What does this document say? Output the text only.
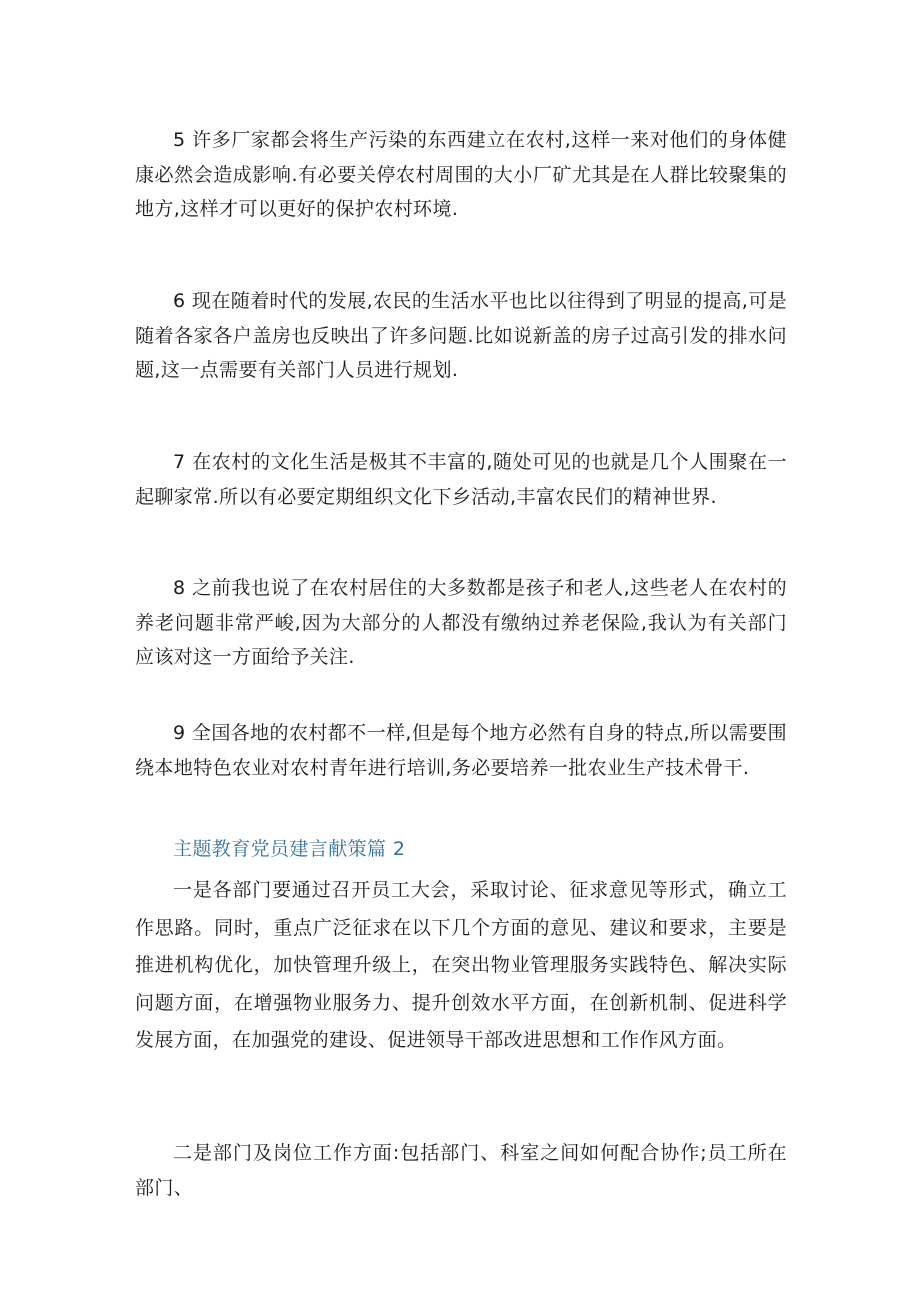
5 许多厂家都会将生产污染的东西建立在农村,这样一来对他们的身体健康必然会造成影响.有必要关停农村周围的大小厂矿尤其是在人群比较聚集的地方,这样才可以更好的保护农村环境.

6 现在随着时代的发展,农民的生活水平也比以往得到了明显的提高,可是随着各家各户盖房也反映出了许多问题.比如说新盖的房子过高引发的排水问题,这一点需要有关部门人员进行规划.

7 在农村的文化生活是极其不丰富的,随处可见的也就是几个人围聚在一起聊家常.所以有必要定期组织文化下乡活动,丰富农民们的精神世界.

8 之前我也说了在农村居住的大多数都是孩子和老人,这些老人在农村的养老问题非常严峻,因为大部分的人都没有缴纳过养老保险,我认为有关部门应该对这一方面给予关注.

9 全国各地的农村都不一样,但是每个地方必然有自身的特点,所以需要围绕本地特色农业对农村青年进行培训,务必要培养一批农业生产技术骨干.

主题教育党员建言献策篇 2

一是各部门要通过召开员工大会，采取讨论、征求意见等形式，确立工作思路。同时，重点广泛征求在以下几个方面的意见、建议和要求，主要是推进机构优化，加快管理升级上，在突出物业管理服务实践特色、解决实际问题方面，在增强物业服务力、提升创效水平方面，在创新机制、促进科学发展方面，在加强党的建设、促进领导干部改进思想和工作作风方面。

二是部门及岗位工作方面:包括部门、科室之间如何配合协作;员工所在部门、
